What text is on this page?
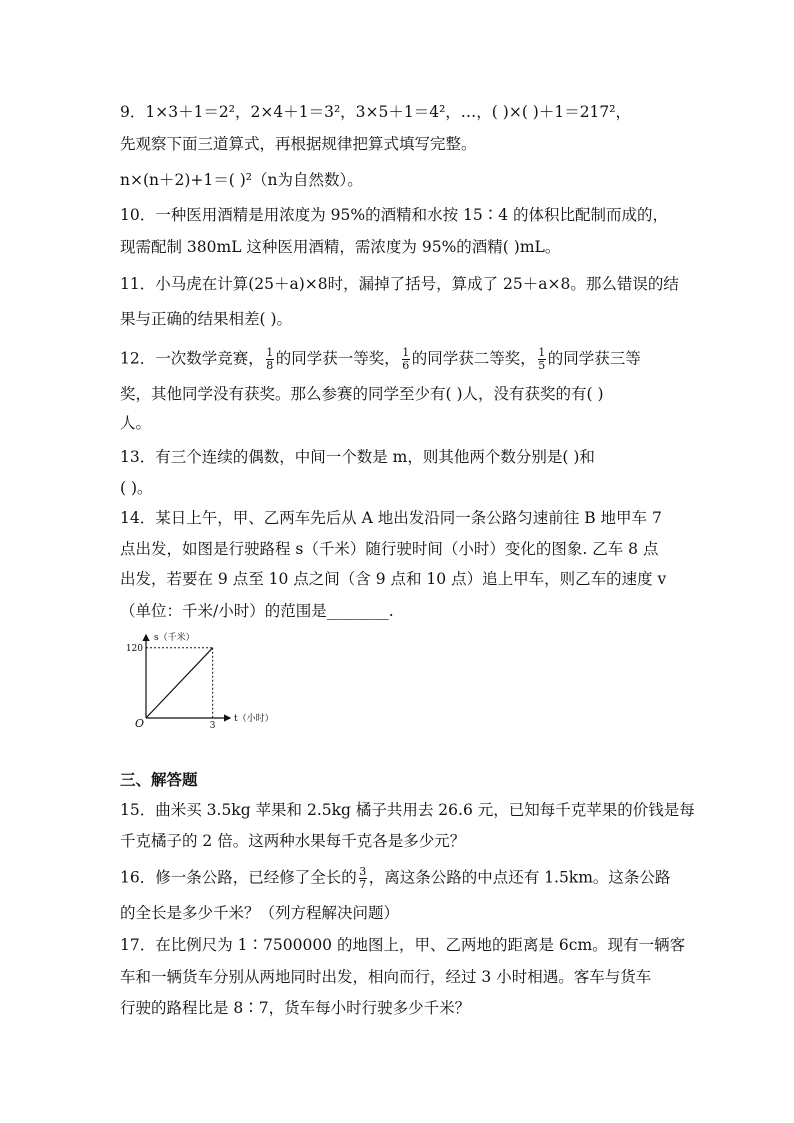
9．1×3＋1＝2²，2×4＋1＝3²，3×5＋1＝4²，…，( )×( )＋1＝217²，
先观察下面三道算式，再根据规律把算式填写完整。
n×(n＋2)+1＝( )²（n为自然数）。
10．一种医用酒精是用浓度为 95%的酒精和水按 15∶4 的体积比配制而成的，
现需配制 380mL 这种医用酒精，需浓度为 95%的酒精( )mL。
11．小马虎在计算(25＋a)×8时，漏掉了括号，算成了 25＋a×8。那么错误的结
果与正确的结果相差( )。
12．一次数学竞赛， $\frac{1}{8}$ 的同学获一等奖， $\frac{1}{6}$ 的同学获二等奖， $\frac{1}{5}$ 的同学获三等
奖，其他同学没有获奖。那么参赛的同学至少有( )人，没有获奖的有( )
人。
13．有三个连续的偶数，中间一个数是 m，则其他两个数分别是( )和
( )。
14．某日上午，甲、乙两车先后从 A 地出发沿同一条公路匀速前往 B 地甲车 7
点出发，如图是行驶路程 s（千米）随行驶时间（小时）变化的图象. 乙车 8 点
出发，若要在 9 点至 10 点之间（含 9 点和 10 点）追上甲车，则乙车的速度 v
（单位：千米/小时）的范围是________.
120
3
s（千米）
t（小时）
O
三、解答题
15．曲米买 3.5kg 苹果和 2.5kg 橘子共用去 26.6 元，已知每千克苹果的价钱是每
千克橘子的 2 倍。这两种水果每千克各是多少元？
16．修一条公路，已经修了全长的 $\frac{3}{7}$ ，离这条公路的中点还有 1.5km。这条公路
的全长是多少千米？（列方程解决问题）
17．在比例尺为 1∶7500000 的地图上，甲、乙两地的距离是 6cm。现有一辆客
车和一辆货车分别从两地同时出发，相向而行，经过 3 小时相遇。客车与货车
行驶的路程比是 8∶7，货车每小时行驶多少千米？
